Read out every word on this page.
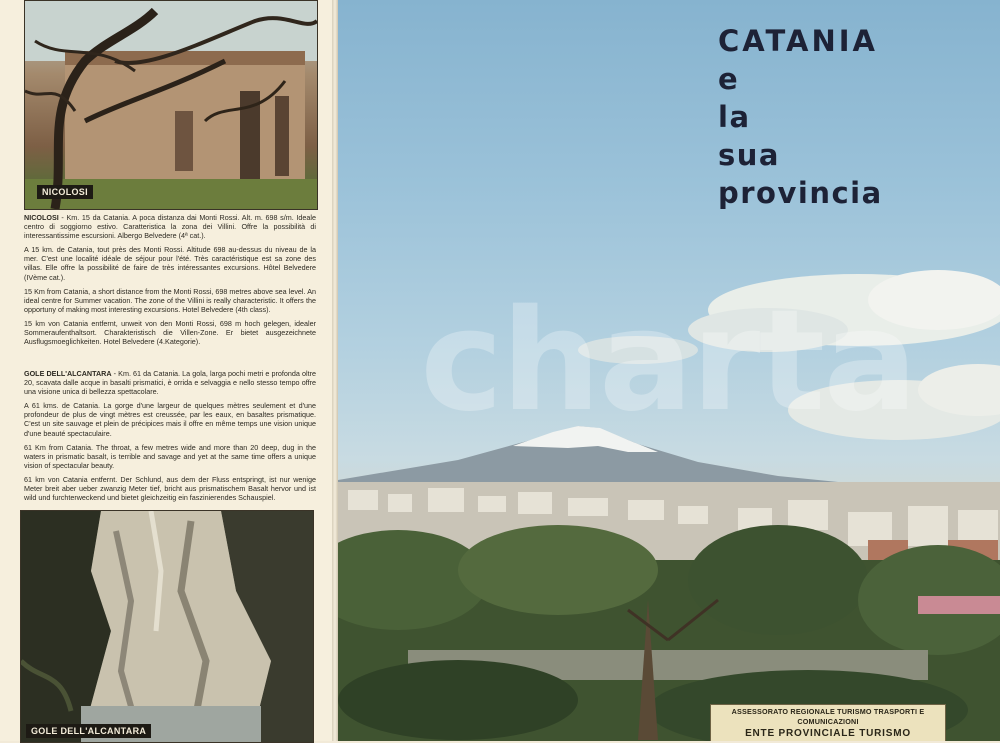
NICOLOSI

NICOLOSI - Km. 15 da Catania. A poca distanza dai Monti Rossi. Alt. m. 698 s/m. Ideale centro di soggiorno estivo. Caratteristica la zona dei Villini. Offre la possibilità di interessantissime escursioni. Albergo Belvedere (4ª cat.).

A 15 km. de Catania, tout près des Monti Rossi. Altitude 698 au-dessus du niveau de la mer. C'est une localité idéale de séjour pour l'été. Très caractéristique est sa zone des villas. Elle offre la possibilité de faire de très intéressantes excursions. Hôtel Belvedere (IVème cat.).

15 Km from Catania, a short distance from the Monti Rossi, 698 metres above sea level. An ideal centre for Summer vacation. The zone of the Villini is really characteristic. It offers the opportuny of making most interesting excursions. Hotel Belvedere (4th class).

15 km von Catania entfernt, unweit von den Monti Rossi, 698 m hoch gelegen, idealer Sommeraufenthaltsort. Charakteristisch die Villen-Zone. Er bietet ausgezeichnete Ausflugsmoeglichkeiten. Hotel Belvedere (4.Kategorie).

GOLE DELL'ALCANTARA - Km. 61 da Catania. La gola, larga pochi metri e profonda oltre 20, scavata dalle acque in basalti prismatici, è orrida e selvaggia e nello stesso tempo offre una visione unica di bellezza spettacolare.

A 61 kms. de Catania. La gorge d'une largeur de quelques mètres seulement et d'une profondeur de plus de vingt mètres est creussée, par les eaux, en basaltes prismatique. C'est un site sauvage et plein de précipices mais il offre en même temps une vision unique d'une beauté spectaculaire.

61 Km from Catania. The throat, a few metres wide and more than 20 deep, dug in the waters in prismatic basalt, is terrible and savage and yet at the same time offers a unique vision of spectacular beauty.

61 km von Catania entfernt. Der Schlund, aus dem der Fluss entspringt, ist nur wenige Meter breit aber ueber zwanzig Meter tief, bricht aus prismatischem Basalt hervor und ist wild und furchterweckend und bietet gleichzeitig ein faszinierendes Schauspiel.

GOLE DELL'ALCANTARA
charta
CATANIA
e
la
sua
provincia
ASSESSORATO REGIONALE TURISMO TRASPORTI E COMUNICAZIONI
ENTE PROVINCIALE TURISMO
